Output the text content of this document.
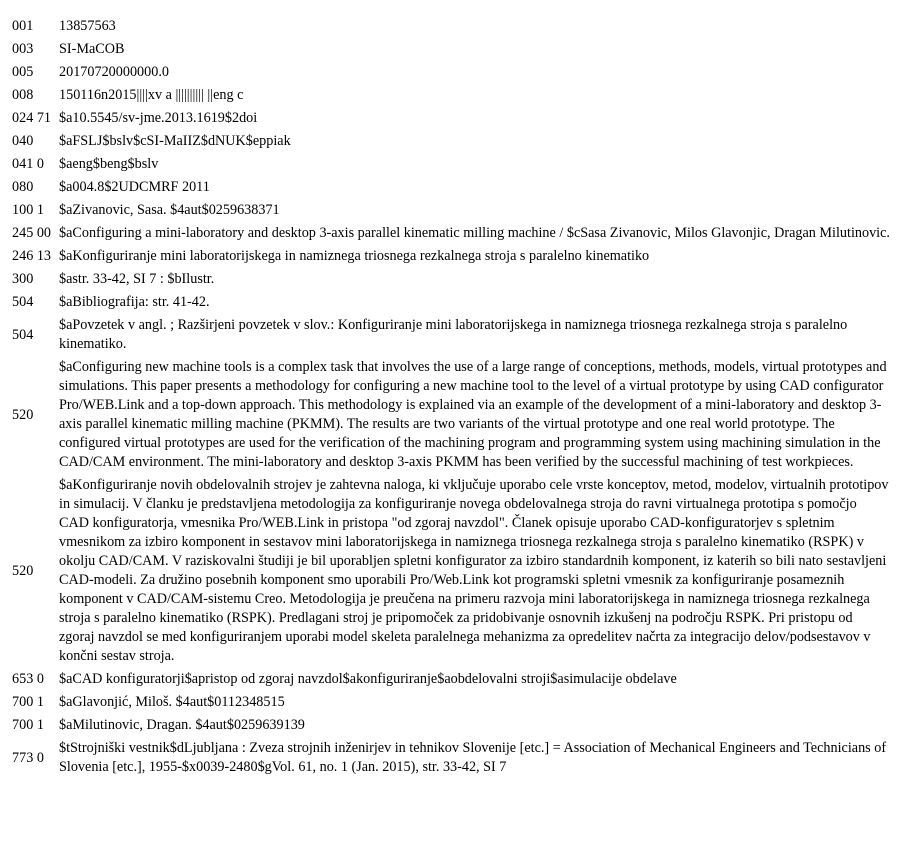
001	13857563
003	SI-MaCOB
005	20170720000000.0
008	150116n2015||||xv a |||||||||| ||eng c
024 71	$a10.5545/sv-jme.2013.1619$2doi
040	$aFSLJ$bslv$cSI-MaIIZ$dNUK$eppiak
041 0	$aeng$beng$bslv
080	$a004.8$2UDCMRF 2011
100 1	$aZivanovic, Sasa. $4aut$0259638371
245 00	$aConfiguring a mini-laboratory and desktop 3-axis parallel kinematic milling machine / $cSasa Zivanovic, Milos Glavonjic, Dragan Milutinovic.
246 13	$aKonfiguriranje mini laboratorijskega in namiznega triosnega rezkalnega stroja s paralelno kinematiko
300	$astr. 33-42, SI 7 : $bIlustr.
504	$aBibliografija: str. 41-42.
504	$aPovzetek v angl. ; Razširjeni povzetek v slov.: Konfiguriranje mini laboratorijskega in namiznega triosnega rezkalnega stroja s paralelno kinematiko.
520	$aConfiguring new machine tools is a complex task that involves the use of a large range of conceptions, methods, models, virtual prototypes and simulations. This paper presents a methodology for configuring a new machine tool to the level of a virtual prototype by using CAD configurator Pro/WEB.Link and a top-down approach. This methodology is explained via an example of the development of a mini-laboratory and desktop 3-axis parallel kinematic milling machine (PKMM). The results are two variants of the virtual prototype and one real world prototype. The configured virtual prototypes are used for the verification of the machining program and programming system using machining simulation in the CAD/CAM environment. The mini-laboratory and desktop 3-axis PKMM has been verified by the successful machining of test workpieces.
520	$aKonfiguriranje novih obdelovalnih strojev je zahtevna naloga, ki vključuje uporabo cele vrste konceptov, metod, modelov, virtualnih prototipov in simulacij. V članku je predstavljena metodologija za konfiguriranje novega obdelovalnega stroja do ravni virtualnega prototipa s pomočjo CAD konfiguratorja, vmesnika Pro/WEB.Link in pristopa "od zgoraj navzdol". Članek opisuje uporabo CAD-konfiguratorjev s spletnim vmesnikom za izbiro komponent in sestavov mini laboratorijskega in namiznega triosnega rezkalnega stroja s paralelno kinematiko (RSPK) v okolju CAD/CAM. V raziskovalni študiji je bil uporabljen spletni konfigurator za izbiro standardnih komponent, iz katerih so bili nato sestavljeni CAD-modeli. Za družino posebnih komponent smo uporabili Pro/Web.Link kot programski spletni vmesnik za konfiguriranje posameznih komponent v CAD/CAM-sistemu Creo. Metodologija je preučena na primeru razvoja mini laboratorijskega in namiznega triosnega rezkalnega stroja s paralelno kinematiko (RSPK). Predlagani stroj je pripomoček za pridobivanje osnovnih izkušenj na področju RSPK. Pri pristopu od zgoraj navzdol se med konfiguriranjem uporabi model skeleta paralelnega mehanizma za opredelitev načrta za integracijo delov/podsestavov v končni sestav stroja.
653 0	$aCAD konfiguratorji$apristop od zgoraj navzdol$akonfiguriranje$aobdelovalni stroji$asimulacije obdelave
700 1	$aGlavonjić, Miloš. $4aut$0112348515
700 1	$aMilutinovic, Dragan. $4aut$0259639139
773 0	$tStrojniški vestnik$dLjubljana : Zveza strojnih inženirjev in tehnikov Slovenije [etc.] = Association of Mechanical Engineers and Technicians of Slovenia [etc.], 1955-$x0039-2480$gVol. 61, no. 1 (Jan. 2015), str. 33-42, SI 7
